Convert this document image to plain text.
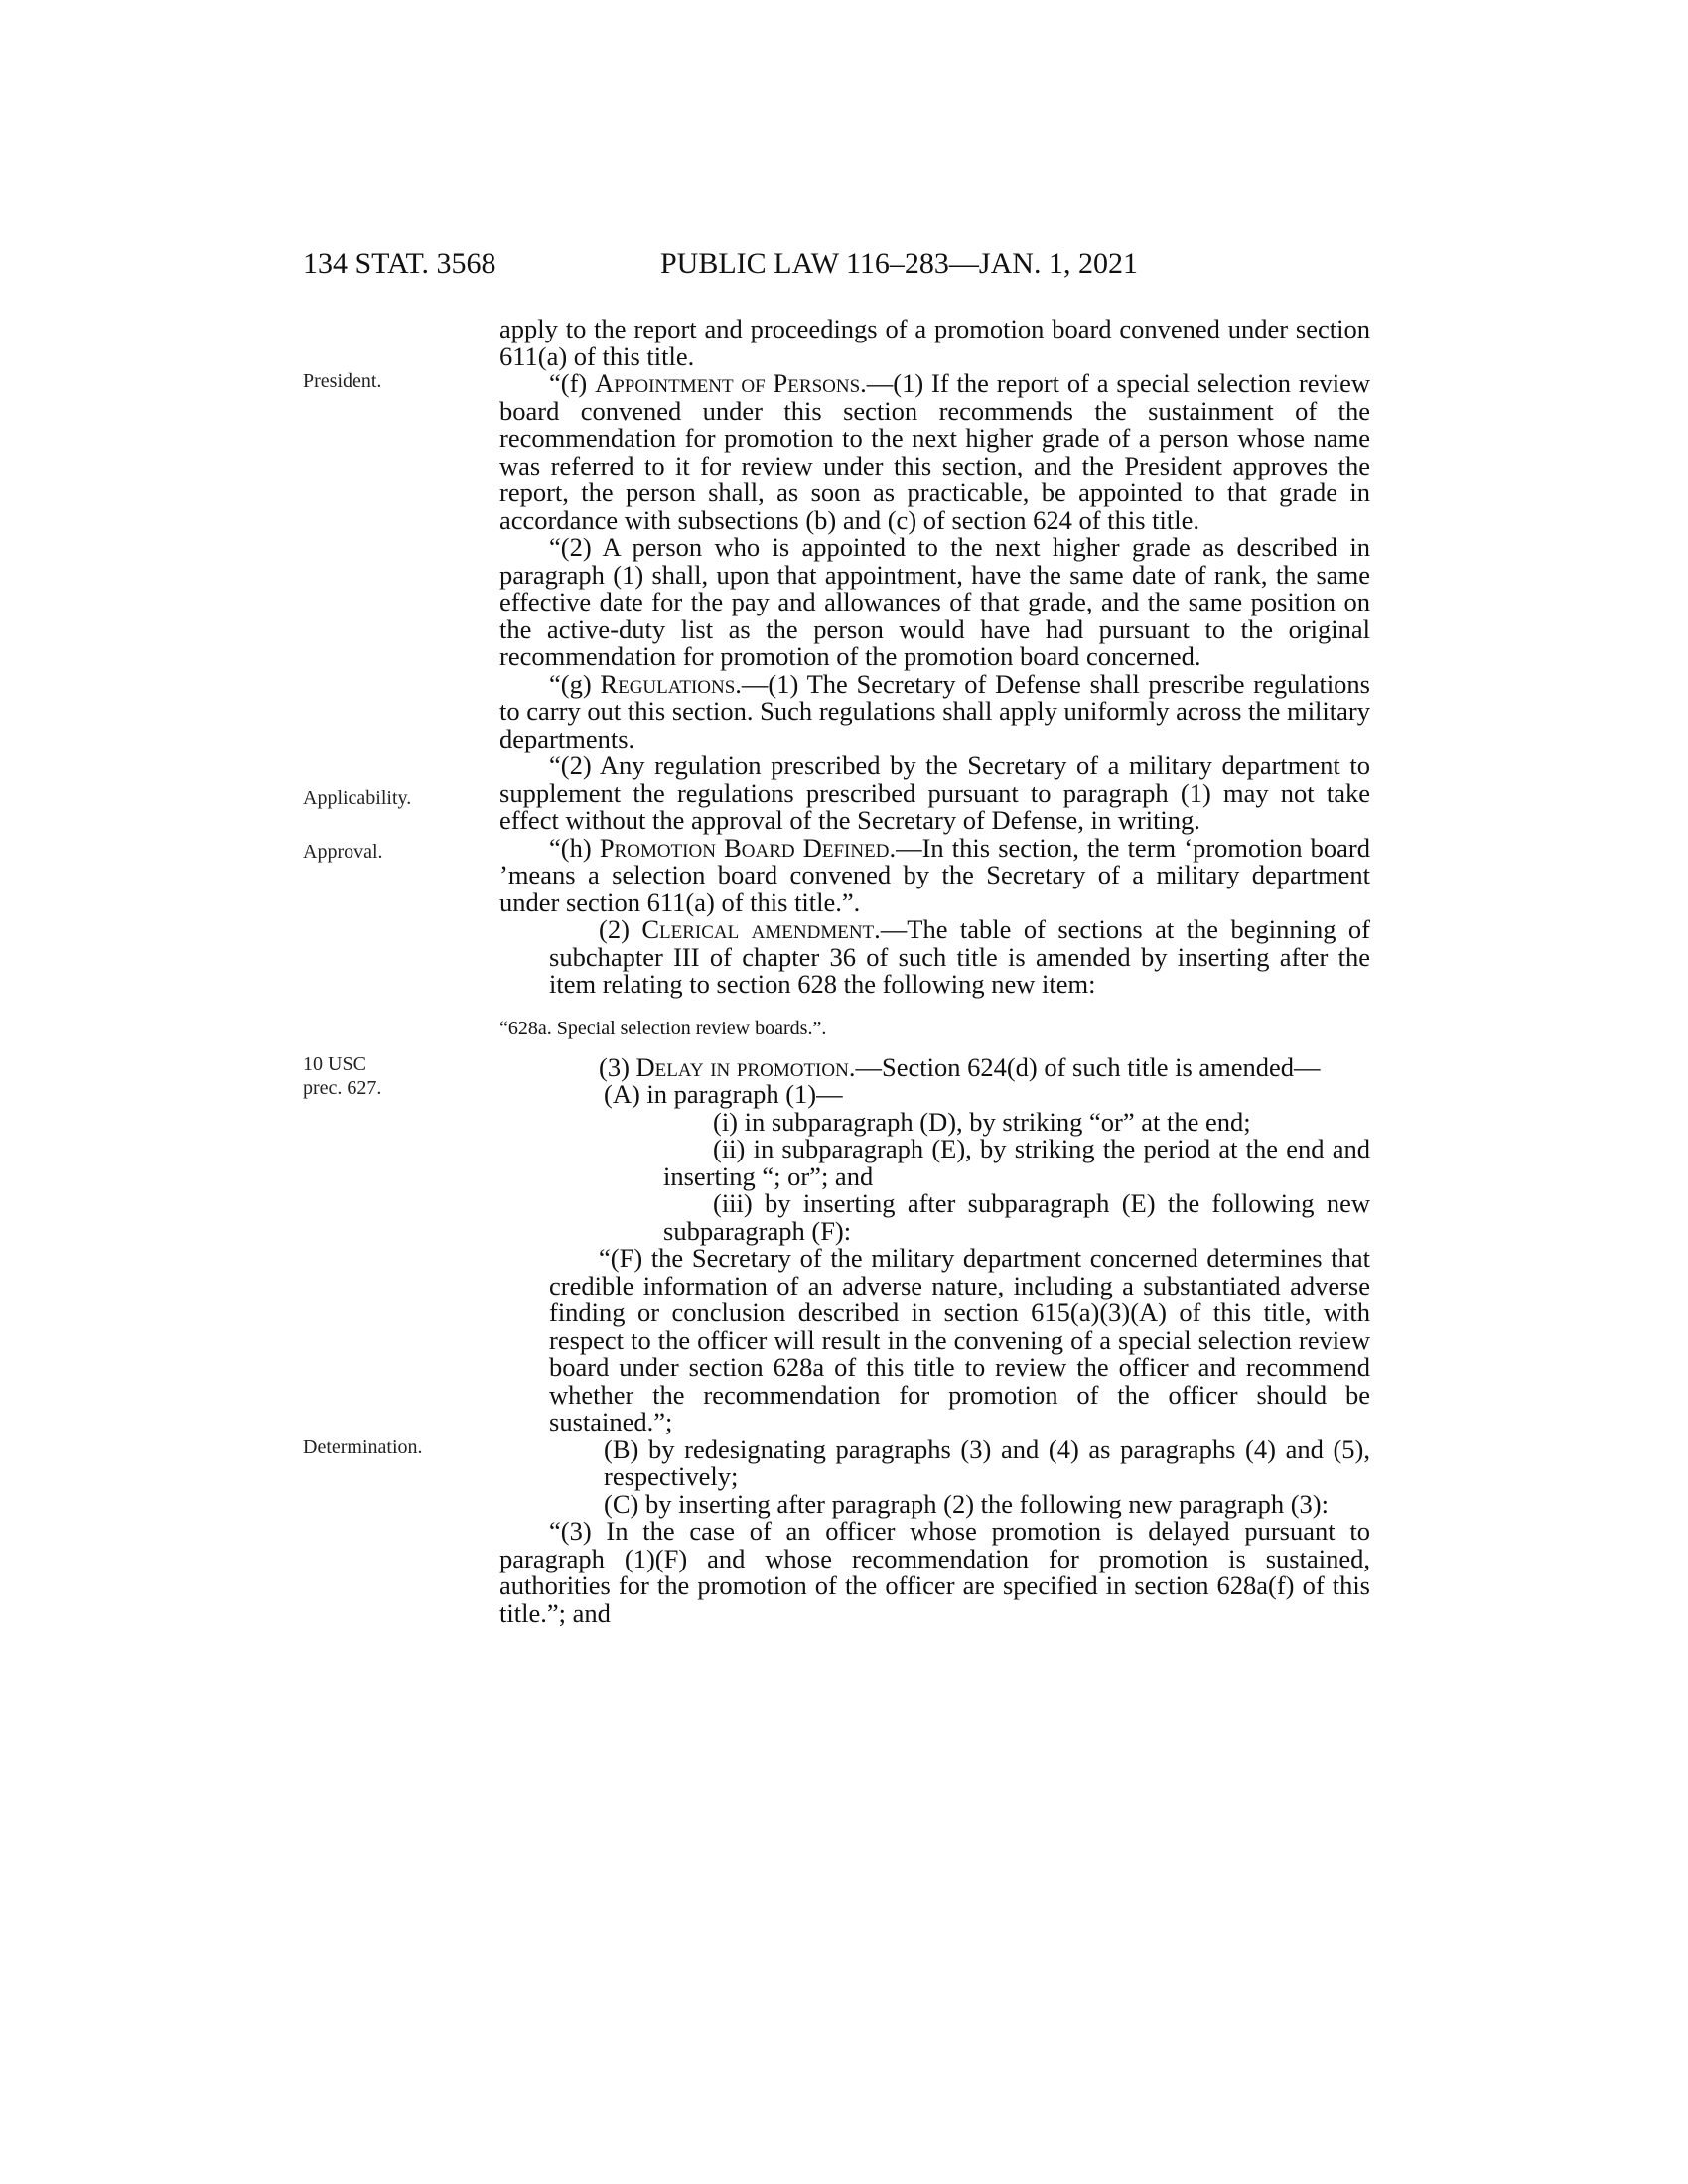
134 STAT. 3568	PUBLIC LAW 116–283—JAN. 1, 2021
President.
Applicability.
Approval.
10 USC
prec. 627.
Determination.

apply to the report and proceedings of a promotion board convened under section 611(a) of this title.

“(f) Appointment of Persons.—(1) If the report of a special selection review board convened under this section recommends the sustainment of the recommendation for promotion to the next higher grade of a person whose name was referred to it for review under this section, and the President approves the report, the person shall, as soon as practicable, be appointed to that grade in accordance with subsections (b) and (c) of section 624 of this title.

“(2) A person who is appointed to the next higher grade as described in paragraph (1) shall, upon that appointment, have the same date of rank, the same effective date for the pay and allowances of that grade, and the same position on the active-duty list as the person would have had pursuant to the original recommendation for promotion of the promotion board concerned.

“(g) Regulations.—(1) The Secretary of Defense shall prescribe regulations to carry out this section. Such regulations shall apply uniformly across the military departments.

“(2) Any regulation prescribed by the Secretary of a military department to supplement the regulations prescribed pursuant to paragraph (1) may not take effect without the approval of the Secretary of Defense, in writing.

“(h) Promotion Board Defined.—In this section, the term ‘promotion board ’means a selection board convened by the Secretary of a military department under section 611(a) of this title.”.

(2) Clerical amendment.—The table of sections at the beginning of subchapter III of chapter 36 of such title is amended by inserting after the item relating to section 628 the following new item:

“628a. Special selection review boards.”.

(3) Delay in promotion.—Section 624(d) of such title is amended—

(A) in paragraph (1)—

(i) in subparagraph (D), by striking “or” at the end;

(ii) in subparagraph (E), by striking the period at the end and inserting “; or”; and

(iii) by inserting after subparagraph (E) the following new subparagraph (F):

“(F) the Secretary of the military department concerned determines that credible information of an adverse nature, including a substantiated adverse finding or conclusion described in section 615(a)(3)(A) of this title, with respect to the officer will result in the convening of a special selection review board under section 628a of this title to review the officer and recommend whether the recommendation for promotion of the officer should be sustained.”;

(B) by redesignating paragraphs (3) and (4) as paragraphs (4) and (5), respectively;

(C) by inserting after paragraph (2) the following new paragraph (3):

“(3) In the case of an officer whose promotion is delayed pursuant to paragraph (1)(F) and whose recommendation for promotion is sustained, authorities for the promotion of the officer are specified in section 628a(f) of this title.”; and
